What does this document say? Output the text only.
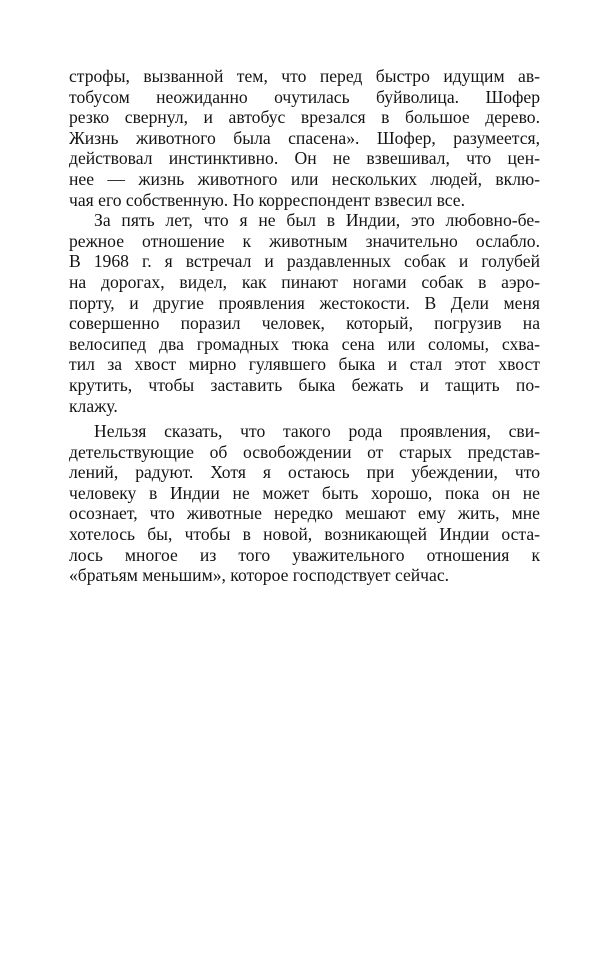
строфы, вызванной тем, что перед быстро идущим ав-
тобусом неожиданно очутилась буйволица. Шофер
резко свернул, и автобус врезался в большое дерево.
Жизнь животного была спасена». Шофер, разумеется,
действовал инстинктивно. Он не взвешивал, что цен-
нее — жизнь животного или нескольких людей, вклю-
чая его собственную. Но корреспондент взвесил все.
За пять лет, что я не был в Индии, это любовно-бе-
режное отношение к животным значительно ослабло.
В 1968 г. я встречал и раздавленных собак и голубей
на дорогах, видел, как пинают ногами собак в аэро-
порту, и другие проявления жестокости. В Дели меня
совершенно поразил человек, который, погрузив на
велосипед два громадных тюка сена или соломы, схва-
тил за хвост мирно гулявшего быка и стал этот хвост
крутить, чтобы заставить быка бежать и тащить по-
клажу.
Нельзя сказать, что такого рода проявления, сви-
детельствующие об освобождении от старых представ-
лений, радуют. Хотя я остаюсь при убеждении, что
человеку в Индии не может быть хорошо, пока он не
осознает, что животные нередко мешают ему жить, мне
хотелось бы, чтобы в новой, возникающей Индии оста-
лось многое из того уважительного отношения к
«братьям меньшим», которое господствует сейчас.
